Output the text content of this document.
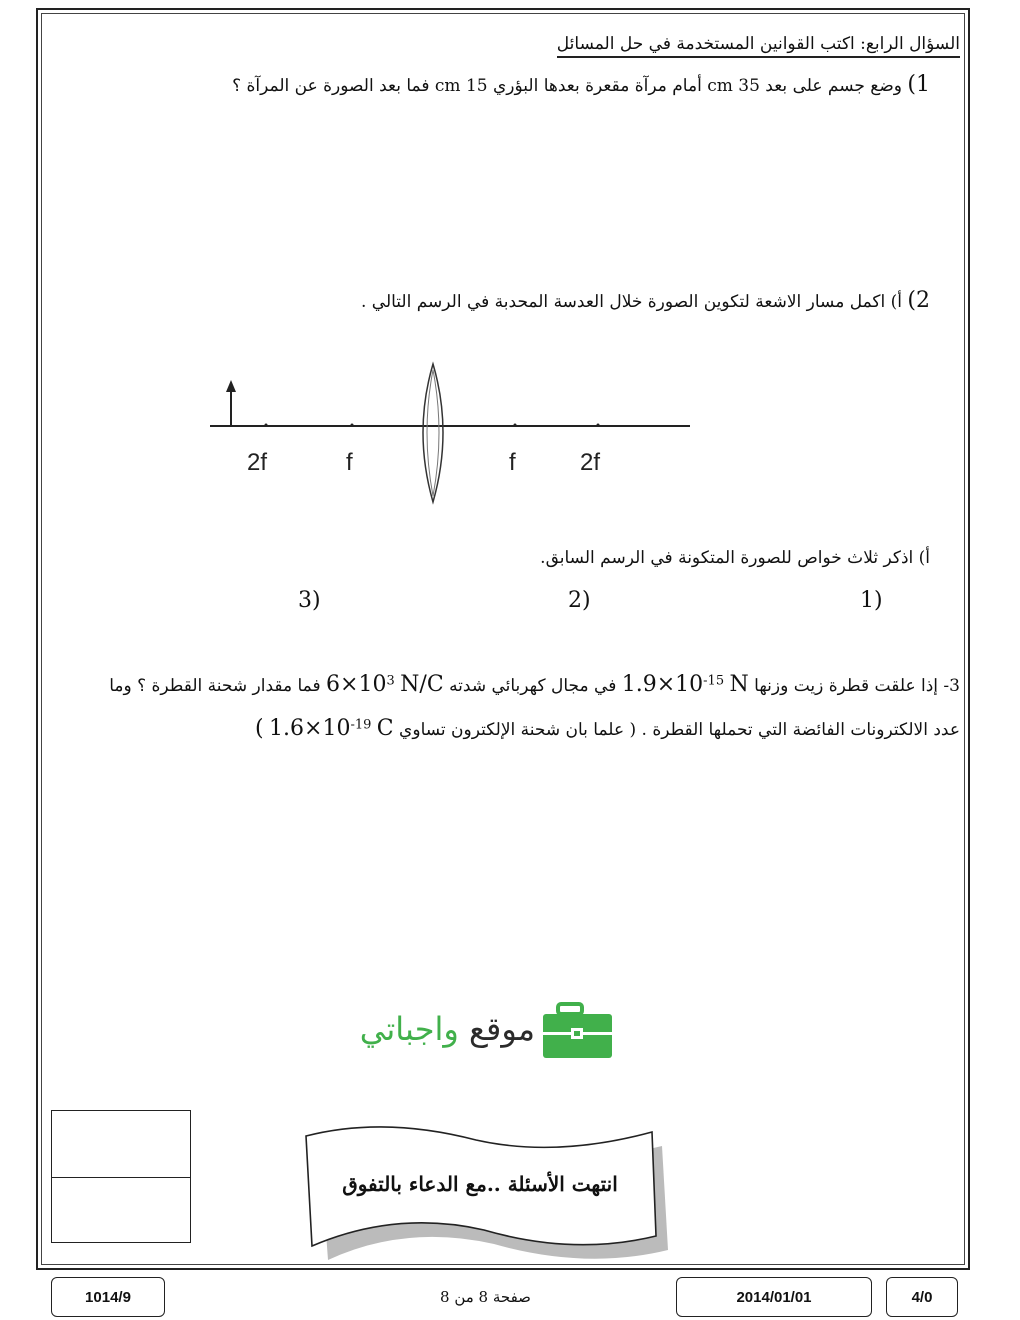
السؤال الرابع: اكتب القوانين المستخدمة في حل المسائل
1) وضع جسم على بعد 35 cm أمام مرآة مقعرة بعدها البؤري 15 cm فما بعد الصورة عن المرآة ؟
2) أ) اكمل مسار الاشعة لتكوين الصورة خلال العدسة المحدبة في الرسم التالي .
2f	f	f	2f
أ) اذكر ثلاث خواص للصورة المتكونة في الرسم السابق.
1)
2)
3)
3- إذا علقت قطرة زيت وزنها $1.9\times 10^{-15}$ N في مجال كهربائي شدته $6\times 10^3$ N/C فما مقدار شحنة القطرة ؟ وما
عدد الالكترونات الفائضة التي تحملها القطرة . ( علما بان شحنة الإلكترون تساوي $1.6\times 10^{-19}$ C )
موقع واجباتي
انتهت الأسئلة ..مع الدعاء بالتفوق
1014/9	صفحة 8 من 8	2014/01/01	4/0
